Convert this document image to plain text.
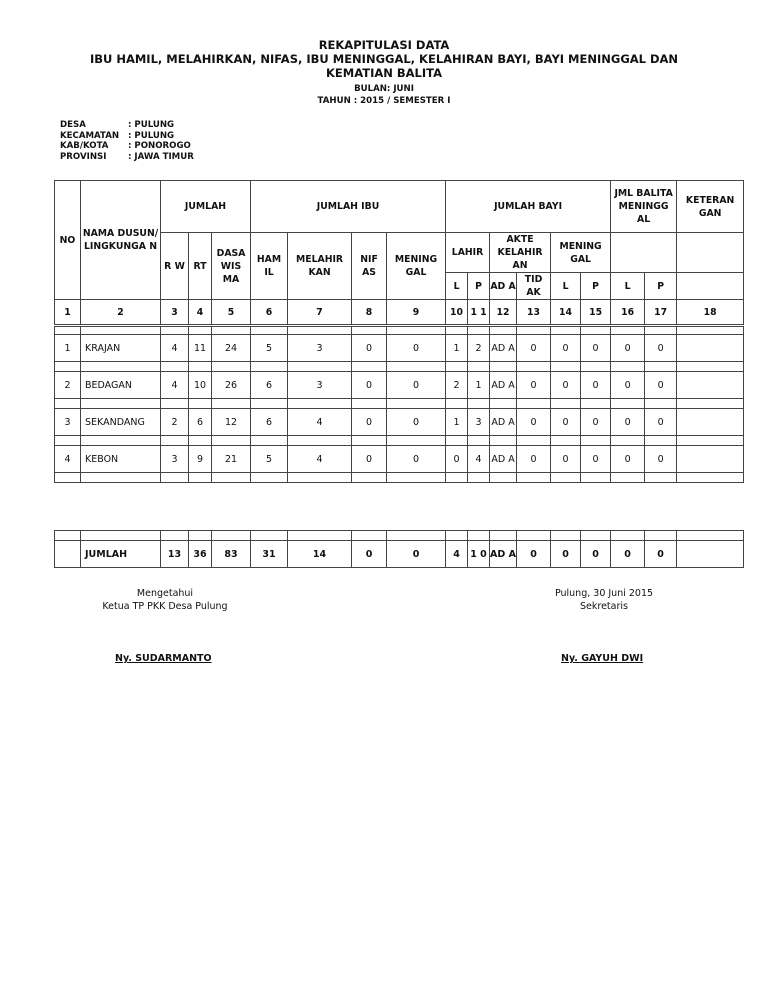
REKAPITULASI DATA
IBU HAMIL, MELAHIRKAN, NIFAS, IBU MENINGGAL, KELAHIRAN BAYI, BAYI MENINGGAL DAN
KEMATIAN BALITA
BULAN: JUNI
TAHUN : 2015 / SEMESTER I
DESA	: PULUNG
KECAMATAN	: PULUNG
KAB/KOTA	: PONOROGO
PROVINSI	: JAWA TIMUR
NO	NAMA DUSUN/ LINGKUNGA N	JUMLAH			JUMLAH IBU				JUMLAH BAYI						JML BALITA MENINGG AL		KETERAN GAN
		R W	RT	DASA WIS MA	HAM IL	MELAHIR KAN	NIF AS	MENING GAL	LAHIR		AKTE KELAHIR AN		MENING GAL				
									L	P	AD A	TID AK	L	P	L	P	
1	2	3	4	5	6	7	8	9	10	1 1	12	13	14	15	16	17	18

1	KRAJAN	4	11	24	5	3	0	0	1	2	AD A	0	0	0	0	0	

2	BEDAGAN	4	10	26	6	3	0	0	2	1	AD A	0	0	0	0	0	

3	SEKANDANG	2	6	12	6	4	0	0	1	3	AD A	0	0	0	0	0	

4	KEBON	3	9	21	5	4	0	0	0	4	AD A	0	0	0	0	0	

	JUMLAH	13	36	83	31	14	0	0	4	1 0	AD A	0	0	0	0	0	
Mengetahui
Ketua TP PKK Desa Pulung
Ny. SUDARMANTO
Pulung, 30 Juni 2015
Sekretaris
Ny. GAYUH DWI
